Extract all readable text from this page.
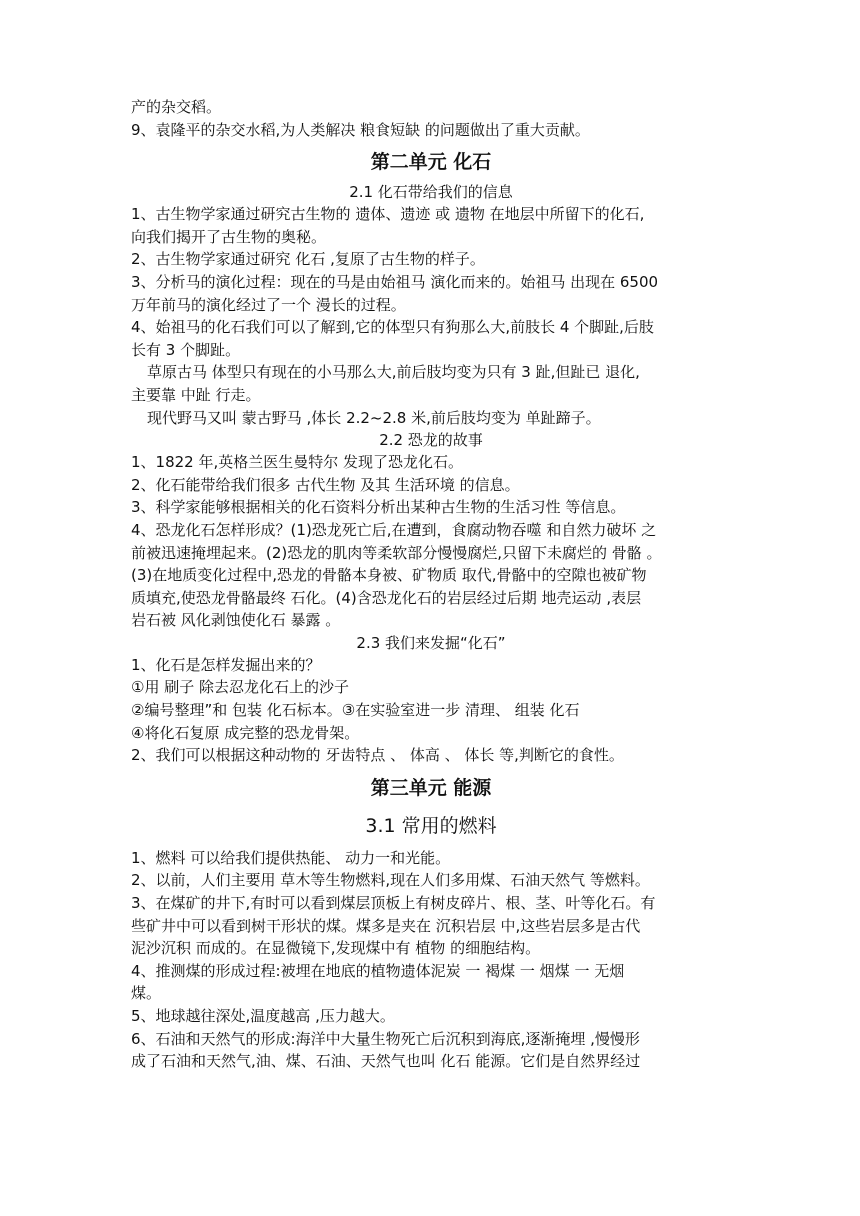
产的杂交稻。
9、袁隆平的杂交水稻,为人类解决 粮食短缺 的问题做出了重大贡献。
第二单元 化石
2.1 化石带给我们的信息
1、古生物学家通过研究古生物的 遗体、遗迹 或 遗物 在地层中所留下的化石,
向我们揭开了古生物的奥秘。
2、古生物学家通过研究 化石 ,复原了古生物的样子。
3、分析马的演化过程：现在的马是由始祖马 演化而来的。始祖马 出现在 6500
万年前马的演化经过了一个 漫长的过程。
4、始祖马的化石我们可以了解到,它的体型只有狗那么大,前肢长 4 个脚趾,后肢
长有 3 个脚趾。
草原古马 体型只有现在的小马那么大,前后肢均变为只有 3 趾,但趾已 退化,
主要靠 中趾 行走。
现代野马又叫 蒙古野马 ,体长 2.2~2.8 米,前后肢均变为 单趾蹄子。
2.2 恐龙的故事
1、1822 年,英格兰医生曼特尔 发现了恐龙化石。
2、化石能带给我们很多 古代生物 及其 生活环境 的信息。
3、科学家能够根据相关的化石资料分析出某种古生物的生活习性 等信息。
4、恐龙化石怎样形成？(1)恐龙死亡后,在遭到，食腐动物吞噬 和自然力破坏 之
前被迅速掩埋起来。(2)恐龙的肌肉等柔软部分慢慢腐烂,只留下未腐烂的 骨骼 。
(3)在地质变化过程中,恐龙的骨骼本身被、矿物质 取代,骨骼中的空隙也被矿物
质填充,使恐龙骨骼最终 石化。(4)含恐龙化石的岩层经过后期 地壳运动 ,表层
岩石被 风化剥蚀使化石 暴露 。
2.3 我们来发掘“化石”
1、化石是怎样发掘出来的？
①用 刷子 除去忍龙化石上的沙子
②编号整理”和 包装 化石标本。③在实验室进一步 清理、 组装 化石
④将化石复原 成完整的恐龙骨架。
2、我们可以根据这种动物的 牙齿特点 、 体高 、 体长 等,判断它的食性。
第三单元 能源
3.1 常用的燃料
1、燃料 可以给我们提供热能、 动力一和光能。
2、以前，人们主要用 草木等生物燃料,现在人们多用煤、石油天然气 等燃料。
3、在煤矿的井下,有时可以看到煤层顶板上有树皮碎片、根、茎、叶等化石。有
些矿井中可以看到树干形状的煤。煤多是夹在 沉积岩层 中,这些岩层多是古代
泥沙沉积 而成的。在显微镜下,发现煤中有 植物 的细胞结构。
4、推测煤的形成过程:被埋在地底的植物遗体泥炭 一 褐煤 一 烟煤 一 无烟
煤。
5、地球越往深处,温度越高 ,压力越大。
6、石油和天然气的形成:海洋中大量生物死亡后沉积到海底,逐渐掩埋 ,慢慢形
成了石油和天然气,油、煤、石油、天然气也叫 化石 能源。它们是自然界经过
